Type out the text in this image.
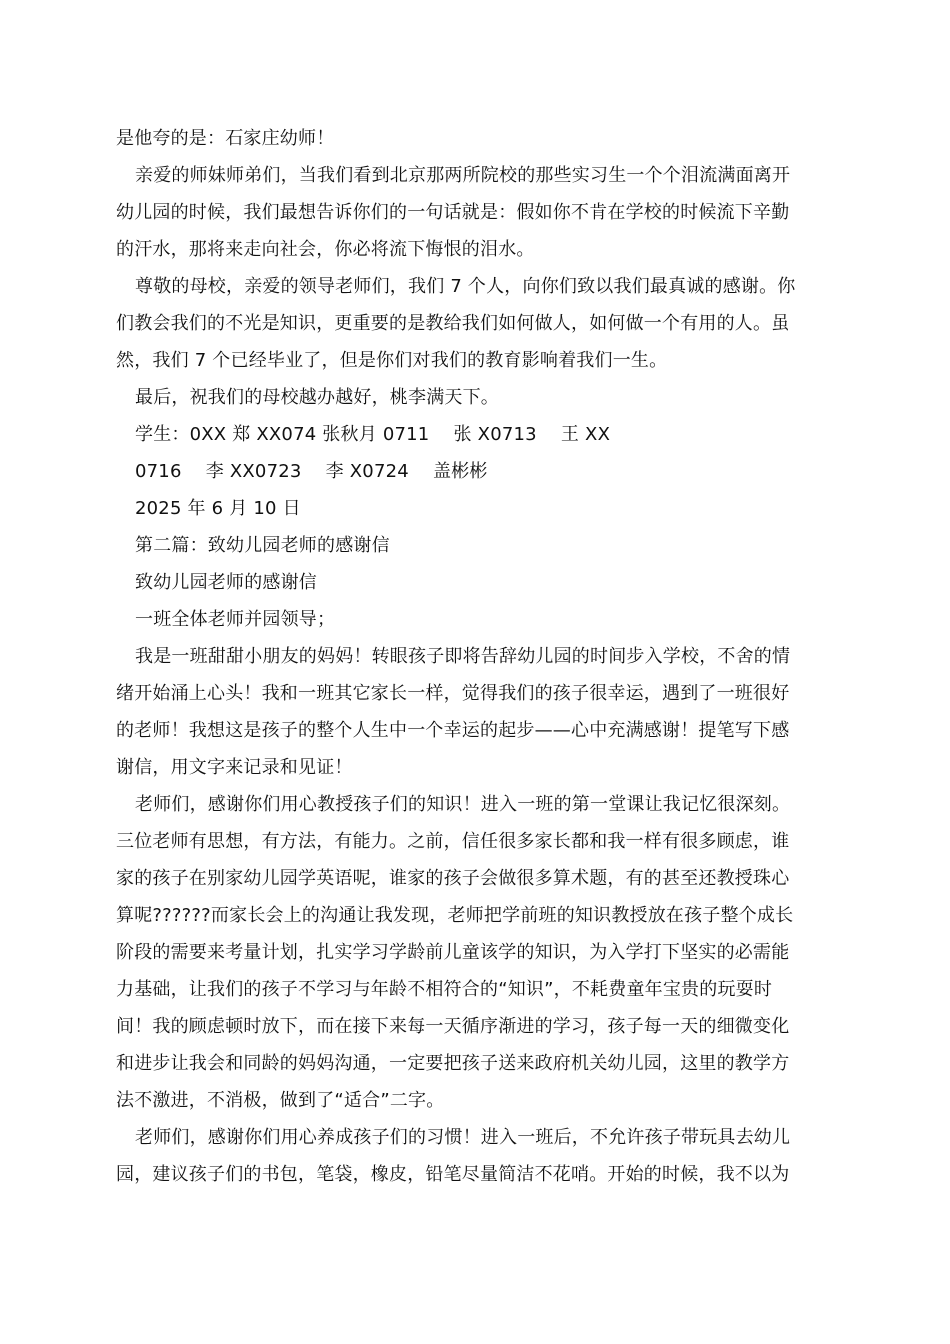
是他夸的是：石家庄幼师！
亲爱的师妹师弟们，当我们看到北京那两所院校的那些实习生一个个泪流满面离开
幼儿园的时候，我们最想告诉你们的一句话就是：假如你不肯在学校的时候流下辛勤
的汗水，那将来走向社会，你必将流下悔恨的泪水。
尊敬的母校，亲爱的领导老师们，我们 7 个人，向你们致以我们最真诚的感谢。你
们教会我们的不光是知识，更重要的是教给我们如何做人，如何做一个有用的人。虽
然，我们 7 个已经毕业了，但是你们对我们的教育影响着我们一生。
最后，祝我们的母校越办越好，桃李满天下。
学生：0XX 郑 XX074 张秋月 0711　 张 X0713　 王 XX
0716　 李 XX0723　 李 X0724　 盖彬彬
2025 年 6 月 10 日
第二篇：致幼儿园老师的感谢信
致幼儿园老师的感谢信
一班全体老师并园领导；
我是一班甜甜小朋友的妈妈！转眼孩子即将告辞幼儿园的时间步入学校，不舍的情
绪开始涌上心头！我和一班其它家长一样，觉得我们的孩子很幸运，遇到了一班很好
的老师！我想这是孩子的整个人生中一个幸运的起步——心中充满感谢！提笔写下感
谢信，用文字来记录和见证！
老师们，感谢你们用心教授孩子们的知识！进入一班的第一堂课让我记忆很深刻。
三位老师有思想，有方法，有能力。之前，信任很多家长都和我一样有很多顾虑，谁
家的孩子在别家幼儿园学英语呢，谁家的孩子会做很多算术题，有的甚至还教授珠心
算呢??????而家长会上的沟通让我发现，老师把学前班的知识教授放在孩子整个成长
阶段的需要来考量计划，扎实学习学龄前儿童该学的知识，为入学打下坚实的必需能
力基础，让我们的孩子不学习与年龄不相符合的“知识”，不耗费童年宝贵的玩耍时
间！我的顾虑顿时放下，而在接下来每一天循序渐进的学习，孩子每一天的细微变化
和进步让我会和同龄的妈妈沟通，一定要把孩子送来政府机关幼儿园，这里的教学方
法不激进，不消极，做到了“适合”二字。
老师们，感谢你们用心养成孩子们的习惯！进入一班后，不允许孩子带玩具去幼儿
园，建议孩子们的书包，笔袋，橡皮，铅笔尽量简洁不花哨。开始的时候，我不以为
